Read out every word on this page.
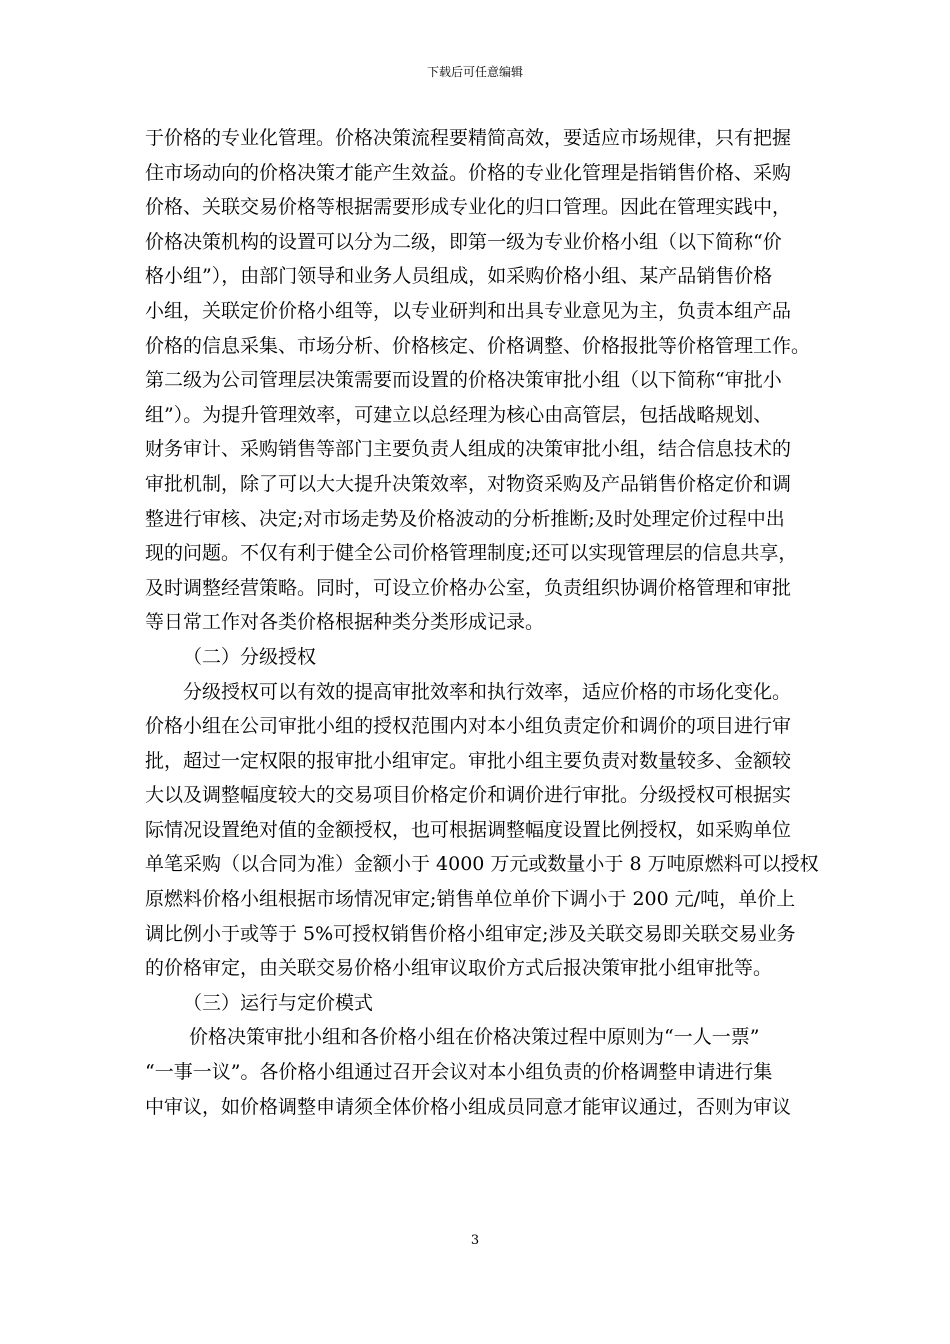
下载后可任意编辑
于价格的专业化管理。价格决策流程要精简高效，要适应市场规律，只有把握
住市场动向的价格决策才能产生效益。价格的专业化管理是指销售价格、采购
价格、关联交易价格等根据需要形成专业化的归口管理。因此在管理实践中，
价格决策机构的设置可以分为二级，即第一级为专业价格小组（以下简称“价
格小组”），由部门领导和业务人员组成，如采购价格小组、某产品销售价格
小组，关联定价价格小组等，以专业研判和出具专业意见为主，负责本组产品
价格的信息采集、市场分析、价格核定、价格调整、价格报批等价格管理工作。
第二级为公司管理层决策需要而设置的价格决策审批小组（以下简称“审批小
组”）。为提升管理效率，可建立以总经理为核心由高管层，包括战略规划、
财务审计、采购销售等部门主要负责人组成的决策审批小组，结合信息技术的
审批机制，除了可以大大提升决策效率，对物资采购及产品销售价格定价和调
整进行审核、决定;对市场走势及价格波动的分析推断;及时处理定价过程中出
现的问题。不仅有利于健全公司价格管理制度;还可以实现管理层的信息共享，
及时调整经营策略。同时，可设立价格办公室，负责组织协调价格管理和审批
等日常工作对各类价格根据种类分类形成记录。
（二）分级授权
分级授权可以有效的提高审批效率和执行效率，适应价格的市场化变化。
价格小组在公司审批小组的授权范围内对本小组负责定价和调价的项目进行审
批，超过一定权限的报审批小组审定。审批小组主要负责对数量较多、金额较
大以及调整幅度较大的交易项目价格定价和调价进行审批。分级授权可根据实
际情况设置绝对值的金额授权，也可根据调整幅度设置比例授权，如采购单位
单笔采购（以合同为准）金额小于 4000 万元或数量小于 8 万吨原燃料可以授权
原燃料价格小组根据市场情况审定;销售单位单价下调小于 200 元/吨，单价上
调比例小于或等于 5%可授权销售价格小组审定;涉及关联交易即关联交易业务
的价格审定，由关联交易价格小组审议取价方式后报决策审批小组审批等。
（三）运行与定价模式
价格决策审批小组和各价格小组在价格决策过程中原则为“一人一票”
“一事一议”。各价格小组通过召开会议对本小组负责的价格调整申请进行集
中审议，如价格调整申请须全体价格小组成员同意才能审议通过，否则为审议
3
